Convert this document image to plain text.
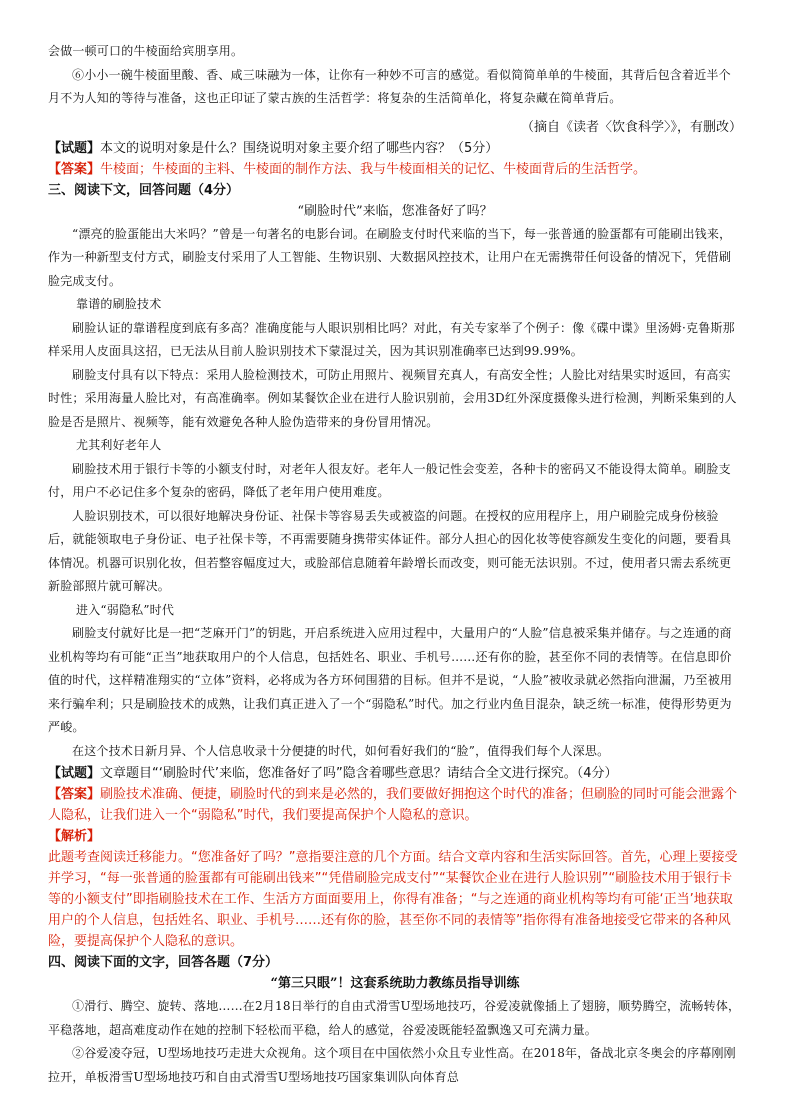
会做一顿可口的牛棱面给宾朋享用。

⑥小小一碗牛棱面里酸、香、咸三味融为一体，让你有一种妙不可言的感觉。看似简简单单的牛棱面，其背后包含着近半个月不为人知的等待与准备，这也正印证了蒙古族的生活哲学：将复杂的生活简单化，将复杂藏在简单背后。

（摘自《读者〈饮食科学〉》，有删改）

【试题】本文的说明对象是什么？围绕说明对象主要介绍了哪些内容？（5分）

【答案】牛棱面；牛棱面的主料、牛棱面的制作方法、我与牛棱面相关的记忆、牛棱面背后的生活哲学。

三、阅读下文，回答问题（4分）

“刷脸时代”来临，您准备好了吗？

“漂亮的脸蛋能出大米吗？”曾是一句著名的电影台词。在刷脸支付时代来临的当下，每一张普通的脸蛋都有可能刷出钱来，作为一种新型支付方式，刷脸支付采用了人工智能、生物识别、大数据风控技术，让用户在无需携带任何设备的情况下，凭借刷脸完成支付。

靠谱的刷脸技术

刷脸认证的靠谱程度到底有多高？准确度能与人眼识别相比吗？对此，有关专家举了个例子：像《碟中谍》里汤姆·克鲁斯那样采用人皮面具这招，已无法从目前人脸识别技术下蒙混过关，因为其识别准确率已达到99.99%。

刷脸支付具有以下特点：采用人脸检测技术，可防止用照片、视频冒充真人，有高安全性；人脸比对结果实时返回，有高实时性；采用海量人脸比对，有高准确率。例如某餐饮企业在进行人脸识别前，会用3D红外深度摄像头进行检测，判断采集到的人脸是否是照片、视频等，能有效避免各种人脸伪造带来的身份冒用情况。

尤其利好老年人

刷脸技术用于银行卡等的小额支付时，对老年人很友好。老年人一般记性会变差，各种卡的密码又不能设得太简单。刷脸支付，用户不必记住多个复杂的密码，降低了老年用户使用难度。

人脸识别技术，可以很好地解决身份证、社保卡等容易丢失或被盗的问题。在授权的应用程序上，用户刷脸完成身份核验后，就能领取电子身份证、电子社保卡等，不再需要随身携带实体证件。部分人担心的因化妆等使容颜发生变化的问题，要看具体情况。机器可识别化妆，但若整容幅度过大，或脸部信息随着年龄增长而改变，则可能无法识别。不过，使用者只需去系统更新脸部照片就可解决。

进入“弱隐私”时代

刷脸支付就好比是一把“芝麻开门”的钥匙，开启系统进入应用过程中，大量用户的“人脸”信息被采集并储存。与之连通的商业机构等均有可能“正当”地获取用户的个人信息，包括姓名、职业、手机号……还有你的脸，甚至你不同的表情等。在信息即价值的时代，这样精准翔实的“立体”资料，必将成为各方环伺围猎的目标。但并不是说，“人脸”被收录就必然指向泄漏，乃至被用来行骗牟利；只是刷脸技术的成熟，让我们真正进入了一个“弱隐私”时代。加之行业内鱼目混杂，缺乏统一标准，使得形势更为严峻。

在这个技术日新月异、个人信息收录十分便捷的时代，如何看好我们的“脸”，值得我们每个人深思。

【试题】文章题目“‘刷脸时代’来临，您准备好了吗”隐含着哪些意思？请结合全文进行探究。（4分）

【答案】刷脸技术准确、便捷，刷脸时代的到来是必然的，我们要做好拥抱这个时代的准备；但刷脸的同时可能会泄露个人隐私，让我们进入一个“弱隐私”时代，我们要提高保护个人隐私的意识。

【解析】

此题考查阅读迁移能力。“您准备好了吗？”意指要注意的几个方面。结合文章内容和生活实际回答。首先，心理上要接受并学习，“每一张普通的脸蛋都有可能刷出钱来”“凭借刷脸完成支付”“某餐饮企业在进行人脸识别”“刷脸技术用于银行卡等的小额支付”即指刷脸技术在工作、生活方方面面要用上，你得有准备；“与之连通的商业机构等均有可能‘正当’地获取用户的个人信息，包括姓名、职业、手机号……还有你的脸，甚至你不同的表情等”指你得有准备地接受它带来的各种风险，要提高保护个人隐私的意识。

四、阅读下面的文字，回答各题（7分）

“第三只眼”！这套系统助力教练员指导训练

①滑行、腾空、旋转、落地……在2月18日举行的自由式滑雪U型场地技巧，谷爱凌就像插上了翅膀，顺势腾空，流畅转体，平稳落地，超高难度动作在她的控制下轻松而平稳，给人的感觉，谷爱凌既能轻盈飘逸又可充满力量。

②谷爱凌夺冠，U型场地技巧走进大众视角。这个项目在中国依然小众且专业性高。在2018年，备战北京冬奥会的序幕刚刚拉开，单板滑雪U型场地技巧和自由式滑雪U型场地技巧国家集训队向体育总
